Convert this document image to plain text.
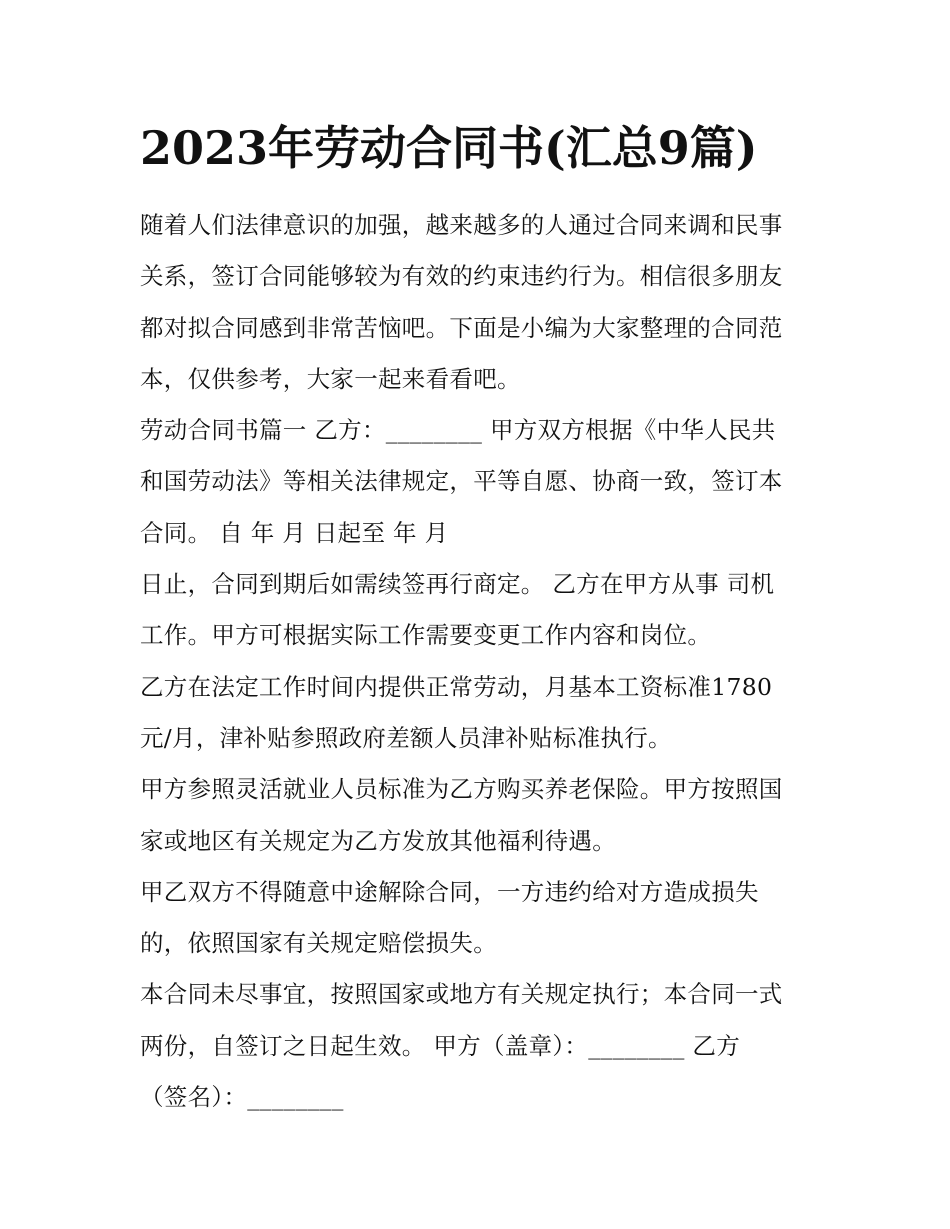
2023年劳动合同书(汇总9篇)

随着人们法律意识的加强，越来越多的人通过合同来调和民事

关系，签订合同能够较为有效的约束违约行为。相信很多朋友

都对拟合同感到非常苦恼吧。下面是小编为大家整理的合同范

本，仅供参考，大家一起来看看吧。

劳动合同书篇一 乙方：________ 甲方双方根据《中华人民共

和国劳动法》等相关法律规定，平等自愿、协商一致，签订本

合同。 自 年 月 日起至 年 月

日止，合同到期后如需续签再行商定。 乙方在甲方从事 司机

工作。甲方可根据实际工作需要变更工作内容和岗位。

乙方在法定工作时间内提供正常劳动，月基本工资标准1780

元/月，津补贴参照政府差额人员津补贴标准执行。

甲方参照灵活就业人员标准为乙方购买养老保险。甲方按照国

家或地区有关规定为乙方发放其他福利待遇。

甲乙双方不得随意中途解除合同，一方违约给对方造成损失

的，依照国家有关规定赔偿损失。

本合同未尽事宜，按照国家或地方有关规定执行；本合同一式

两份，自签订之日起生效。 甲方（盖章）：________ 乙方

（签名）：________
